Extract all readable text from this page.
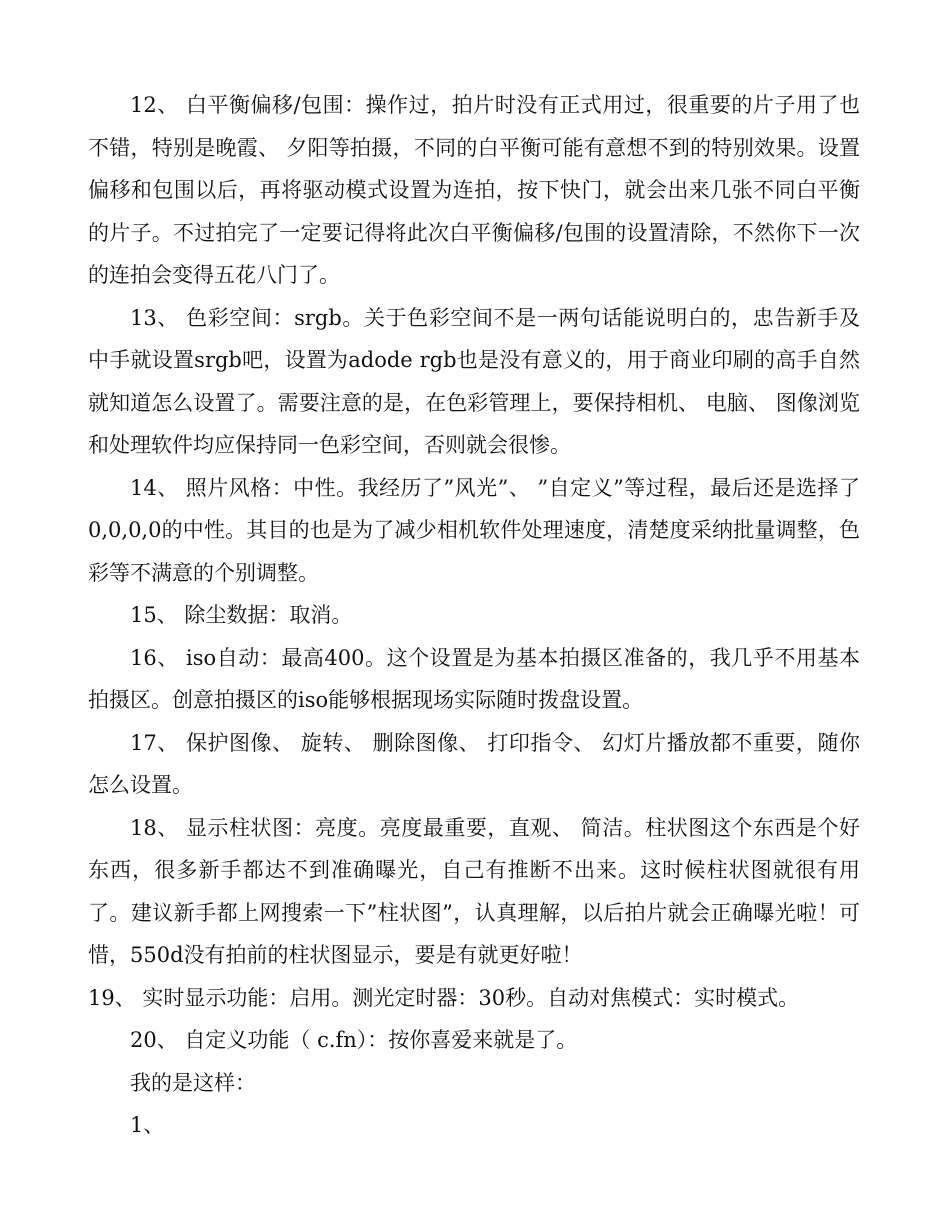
12、 白平衡偏移/包围：操作过，拍片时没有正式用过，很重要的片子用了也不错，特别是晚霞、 夕阳等拍摄，不同的白平衡可能有意想不到的特别效果。设置偏移和包围以后，再将驱动模式设置为连拍，按下快门，就会出来几张不同白平衡的片子。不过拍完了一定要记得将此次白平衡偏移/包围的设置清除，不然你下一次的连拍会变得五花八门了。

13、 色彩空间：srgb。关于色彩空间不是一两句话能说明白的，忠告新手及中手就设置srgb吧，设置为adode rgb也是没有意义的，用于商业印刷的高手自然就知道怎么设置了。需要注意的是，在色彩管理上，要保持相机、 电脑、 图像浏览和处理软件均应保持同一色彩空间，否则就会很惨。

14、 照片风格：中性。我经历了”风光”、 ”自定义”等过程，最后还是选择了0,0,0,0的中性。其目的也是为了减少相机软件处理速度，清楚度采纳批量调整，色彩等不满意的个别调整。

15、 除尘数据：取消。

16、 iso自动：最高400。这个设置是为基本拍摄区准备的，我几乎不用基本拍摄区。创意拍摄区的iso能够根据现场实际随时拨盘设置。

17、 保护图像、 旋转、 删除图像、 打印指令、 幻灯片播放都不重要，随你怎么设置。

18、 显示柱状图：亮度。亮度最重要，直观、 简洁。柱状图这个东西是个好东西，很多新手都达不到准确曝光，自己有推断不出来。这时候柱状图就很有用了。建议新手都上网搜索一下”柱状图”，认真理解，以后拍片就会正确曝光啦！可惜，550d没有拍前的柱状图显示，要是有就更好啦！

19、 实时显示功能：启用。测光定时器：30秒。自动对焦模式：实时模式。

20、 自定义功能（ c.fn）：按你喜爱来就是了。

我的是这样：

1、
